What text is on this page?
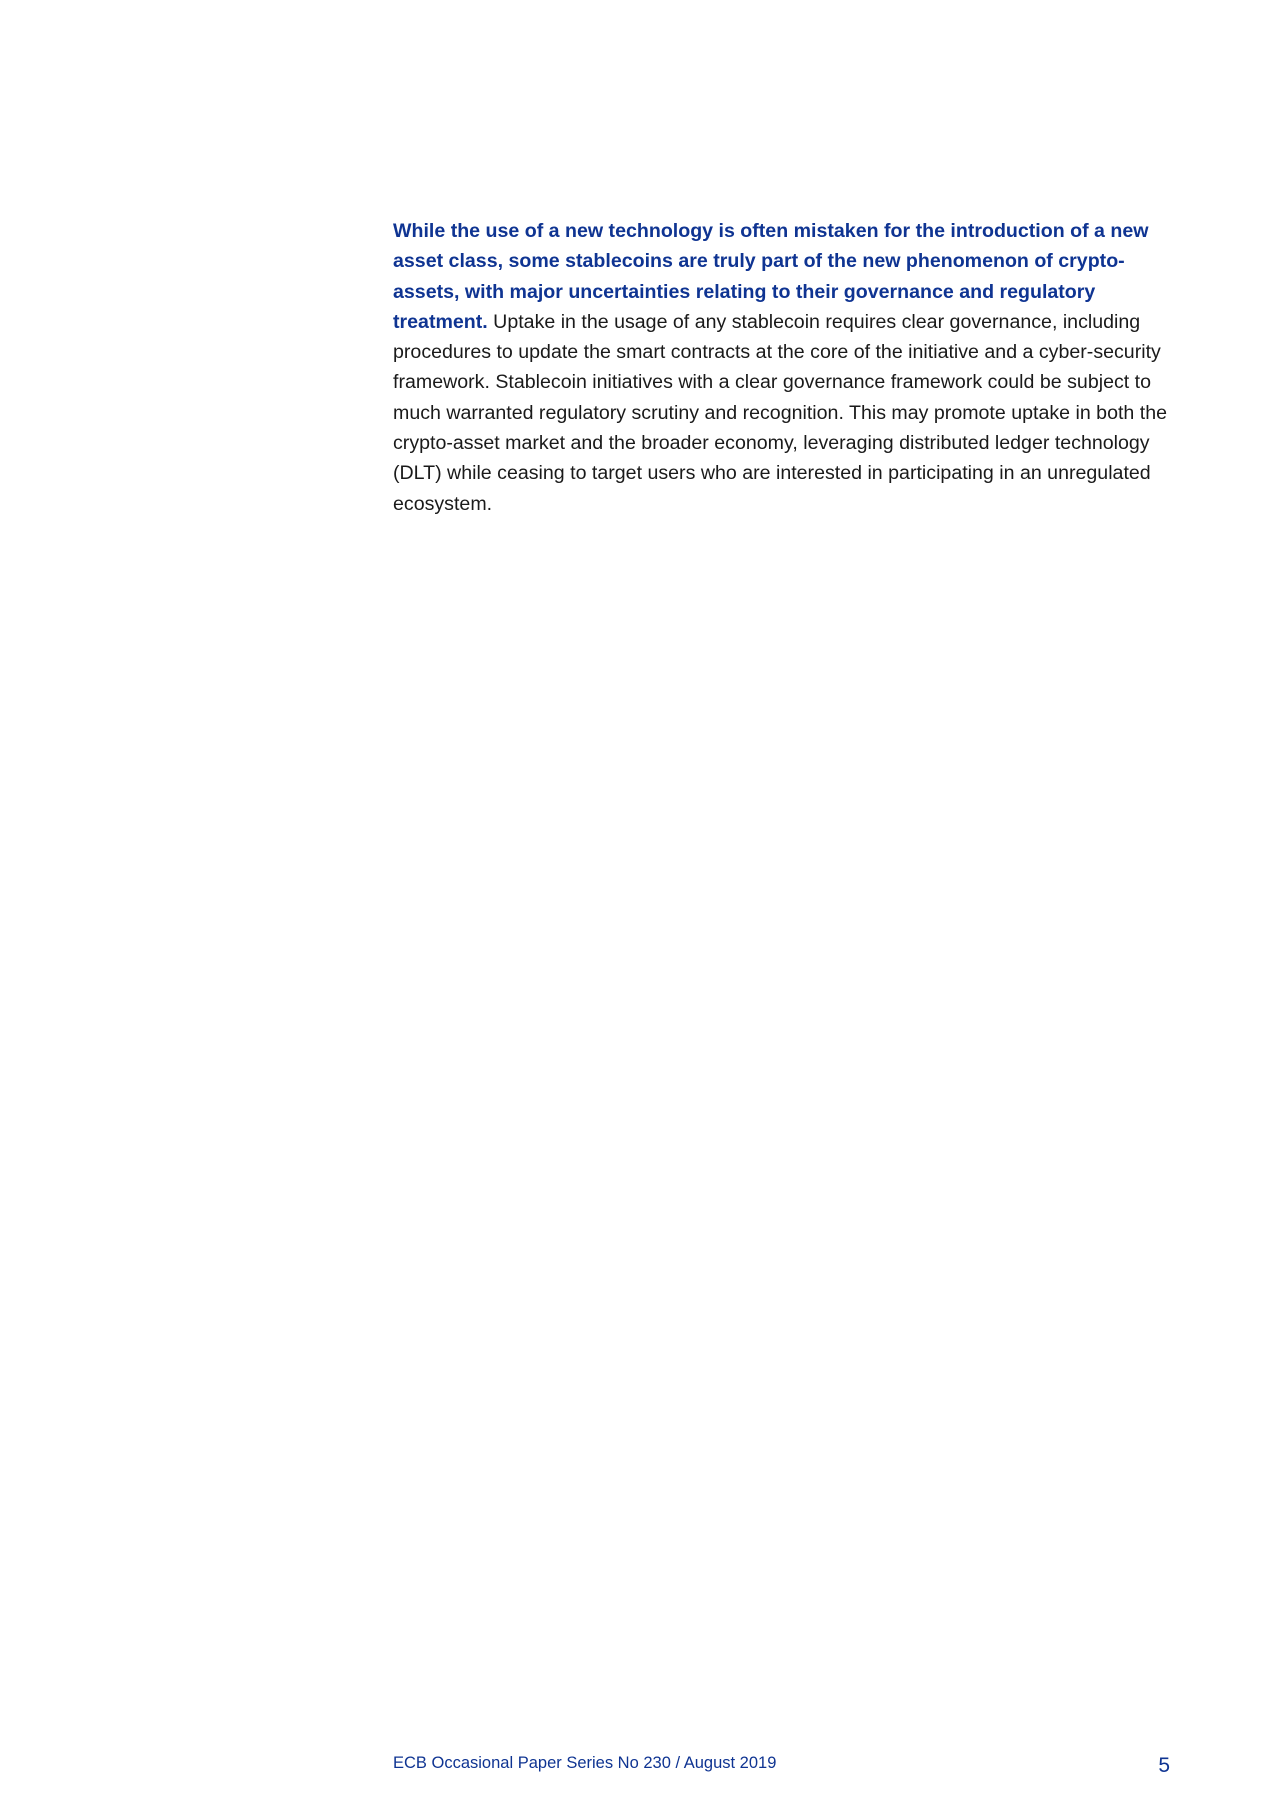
While the use of a new technology is often mistaken for the introduction of a new asset class, some stablecoins are truly part of the new phenomenon of crypto-assets, with major uncertainties relating to their governance and regulatory treatment. Uptake in the usage of any stablecoin requires clear governance, including procedures to update the smart contracts at the core of the initiative and a cyber-security framework. Stablecoin initiatives with a clear governance framework could be subject to much warranted regulatory scrutiny and recognition. This may promote uptake in both the crypto-asset market and the broader economy, leveraging distributed ledger technology (DLT) while ceasing to target users who are interested in participating in an unregulated ecosystem.

ECB Occasional Paper Series No 230 / August 2019	5
